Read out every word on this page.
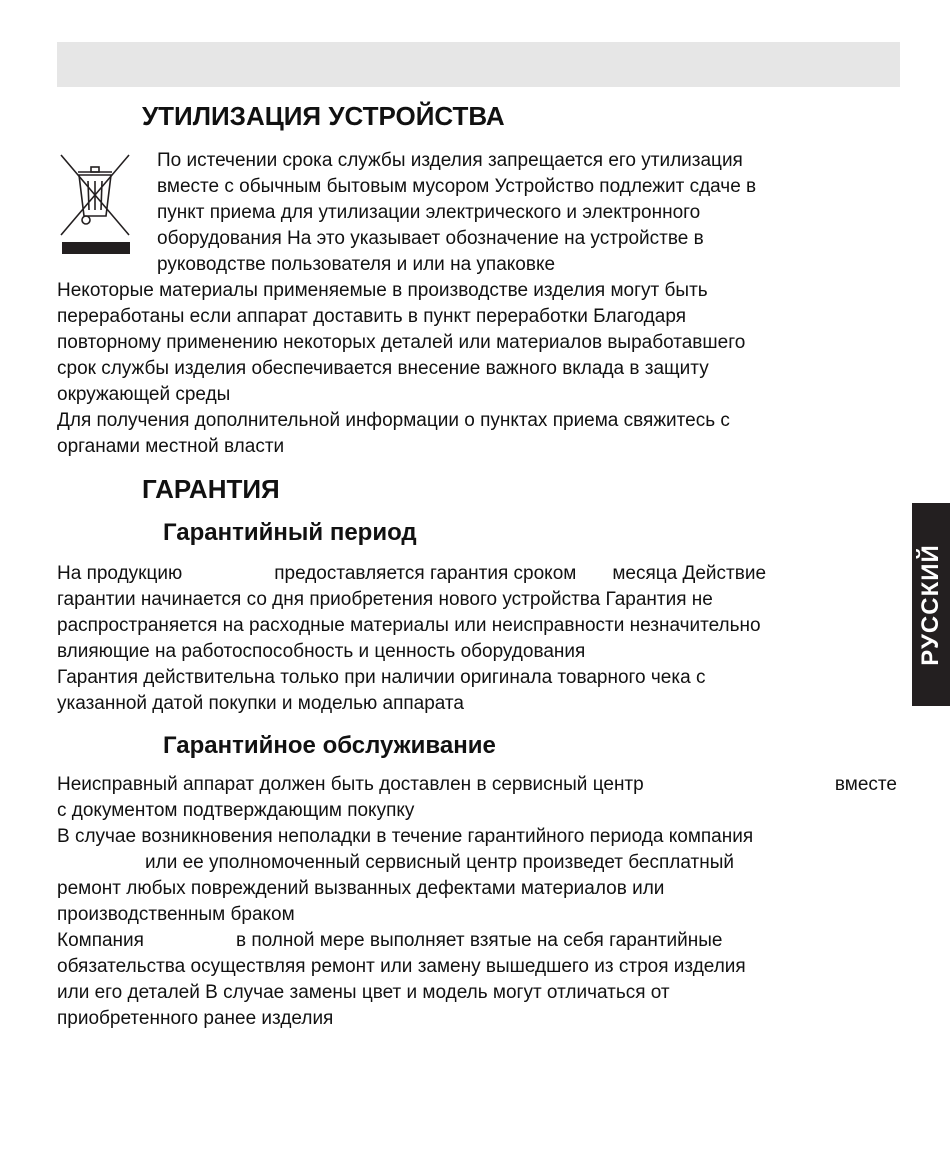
РУССКИЙ
УТИЛИЗАЦИЯ УСТРОЙСТВА
По истечении срока службы изделия запрещается его утилизация
вместе с обычным бытовым мусором Устройство подлежит сдаче в
пункт приема для утилизации электрического и электронного
оборудования На это указывает обозначение на устройстве в
руководстве пользователя и или на упаковке
Некоторые материалы применяемые в производстве изделия могут быть
переработаны если аппарат доставить в пункт переработки Благодаря
повторному применению некоторых деталей или материалов выработавшего
срок службы изделия обеспечивается внесение важного вклада в защиту
окружающей среды
Для получения дополнительной информации о пунктах приема свяжитесь с
органами местной власти
ГАРАНТИЯ
Гарантийный период
На продукцию	предоставляется гарантия сроком месяца Действие
гарантии начинается со дня приобретения нового устройства Гарантия не
распространяется на расходные материалы или неисправности незначительно
влияющие на работоспособность и ценность оборудования
Гарантия действительна только при наличии оригинала товарного чека с
указанной датой покупки и моделью аппарата
Гарантийное обслуживание
Неисправный аппарат должен быть доставлен в сервисный центр	вместе
с документом подтверждающим покупку
В случае возникновения неполадки в течение гарантийного периода компания
или ее уполномоченный сервисный центр произведет бесплатный
ремонт любых повреждений вызванных дефектами материалов или
производственным браком
Компания	в полной мере выполняет взятые на себя гарантийные
обязательства осуществляя ремонт или замену вышедшего из строя изделия
или его деталей В случае замены цвет и модель могут отличаться от
приобретенного ранее изделия
